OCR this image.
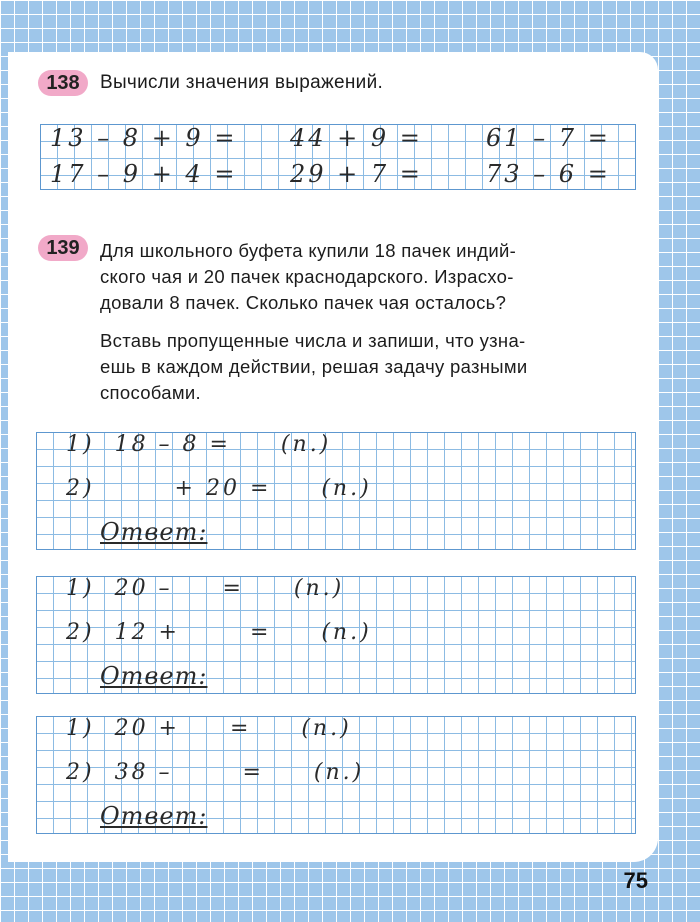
138	Вычисли значения выражений.
13 – 8 + 9 = 44 + 9 =	61 – 7 =
17 – 9 + 4 = 29 + 7 =	73 – 6 =
139	Для школьного буфета купили 18 пачек индий-

ского чая и 20 пачек краснодарского. Израсхо-

довали 8 пачек. Сколько пачек чая осталось?

Вставь пропущенные числа и запиши, что узна-

ешь в каждом действии, решая задачу разными

способами.

1)  18 – 8 =     (п.)
2)        + 20 =     (п.)
Ответ:
1)  20 –     =     (п.)
2)  12 +       =     (п.)
Ответ:
1)  20 +     =     (п.)
2)  38 –       =     (п.)
Ответ:
75
